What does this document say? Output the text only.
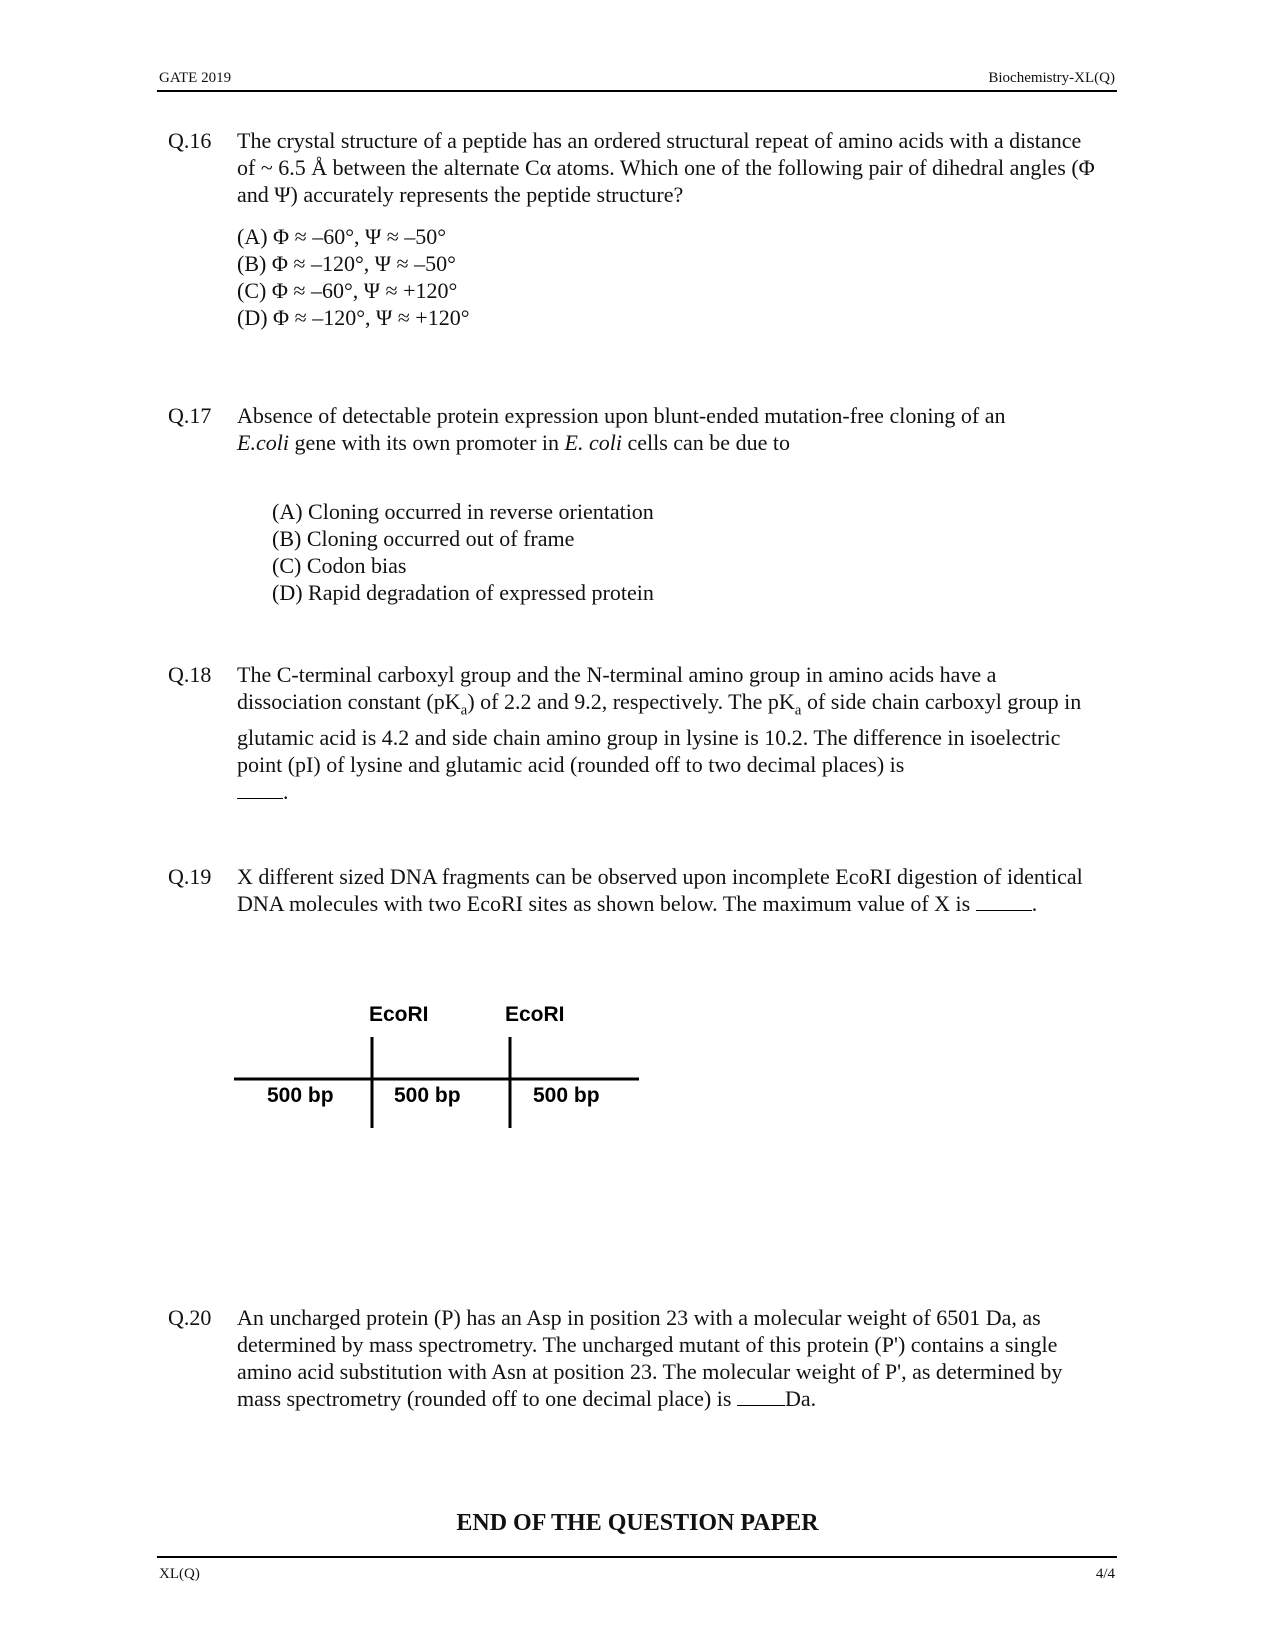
GATE 2019	Biochemistry-XL(Q)
Q.16 The crystal structure of a peptide has an ordered structural repeat of amino acids with a distance of ~ 6.5 Å between the alternate Cα atoms. Which one of the following pair of dihedral angles (Φ and Ψ) accurately represents the peptide structure?
(A) Φ ≈ –60°, Ψ ≈ –50°
(B) Φ ≈ –120°, Ψ ≈ –50°
(C) Φ ≈ –60°, Ψ ≈ +120°
(D) Φ ≈ –120°, Ψ ≈ +120°
Q.17 Absence of detectable protein expression upon blunt-ended mutation-free cloning of an
E.coli gene with its own promoter in E. coli cells can be due to
(A) Cloning occurred in reverse orientation
(B) Cloning occurred out of frame
(C) Codon bias
(D) Rapid degradation of expressed protein
Q.18 The C-terminal carboxyl group and the N-terminal amino group in amino acids have a dissociation constant $(pK_a)$ of 2.2 and 9.2, respectively. The $pK_a$ of side chain carboxyl group in glutamic acid is 4.2 and side chain amino group in lysine is 10.2. The difference in isoelectric point (pI) of lysine and glutamic acid (rounded off to two decimal places) is
.
Q.19 X different sized DNA fragments can be observed upon incomplete EcoRI digestion of identical DNA molecules with two EcoRI sites as shown below. The maximum value of X is	.
EcoRI	EcoRI
500 bp	500 bp	500 bp
Q.20 An uncharged protein (P) has an Asp in position 23 with a molecular weight of 6501 Da, as determined by mass spectrometry. The uncharged mutant of this protein (P') contains a single amino acid substitution with Asn at position 23. The molecular weight of P', as determined by mass spectrometry (rounded off to one decimal place) is Da.
END OF THE QUESTION PAPER
XL(Q)	4/4
